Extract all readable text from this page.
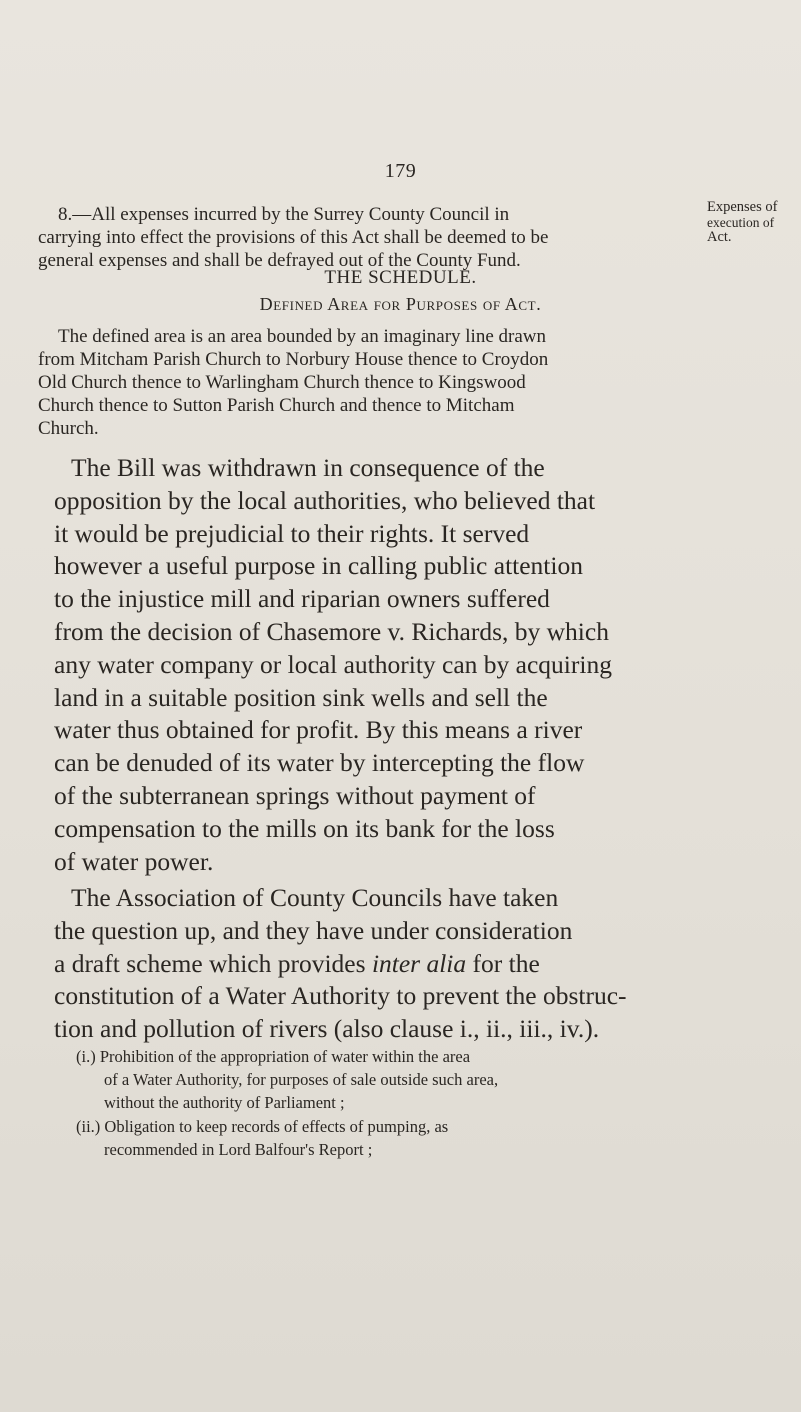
179
8.—All expenses incurred by the Surrey County Council in
carrying into effect the provisions of this Act shall be deemed to be
general expenses and shall be defrayed out of the County Fund.
Expenses of
execution of
Act.
THE SCHEDULE.
Defined Area for Purposes of Act.
The defined area is an area bounded by an imaginary line drawn
from Mitcham Parish Church to Norbury House thence to Croydon
Old Church thence to Warlingham Church thence to Kingswood
Church thence to Sutton Parish Church and thence to Mitcham
Church.
The Bill was withdrawn in consequence of the
opposition by the local authorities, who believed that
it would be prejudicial to their rights. It served
however a useful purpose in calling public attention
to the injustice mill and riparian owners suffered
from the decision of Chasemore v. Richards, by which
any water company or local authority can by acquiring
land in a suitable position sink wells and sell the
water thus obtained for profit. By this means a river
can be denuded of its water by intercepting the flow
of the subterranean springs without payment of
compensation to the mills on its bank for the loss
of water power.
The Association of County Councils have taken
the question up, and they have under consideration
a draft scheme which provides inter alia for the
constitution of a Water Authority to prevent the obstruc-
tion and pollution of rivers (also clause i., ii., iii., iv.).
(i.) Prohibition of the appropriation of water within the area
of a Water Authority, for purposes of sale outside such area,
without the authority of Parliament ;
(ii.) Obligation to keep records of effects of pumping, as
recommended in Lord Balfour's Report ;
